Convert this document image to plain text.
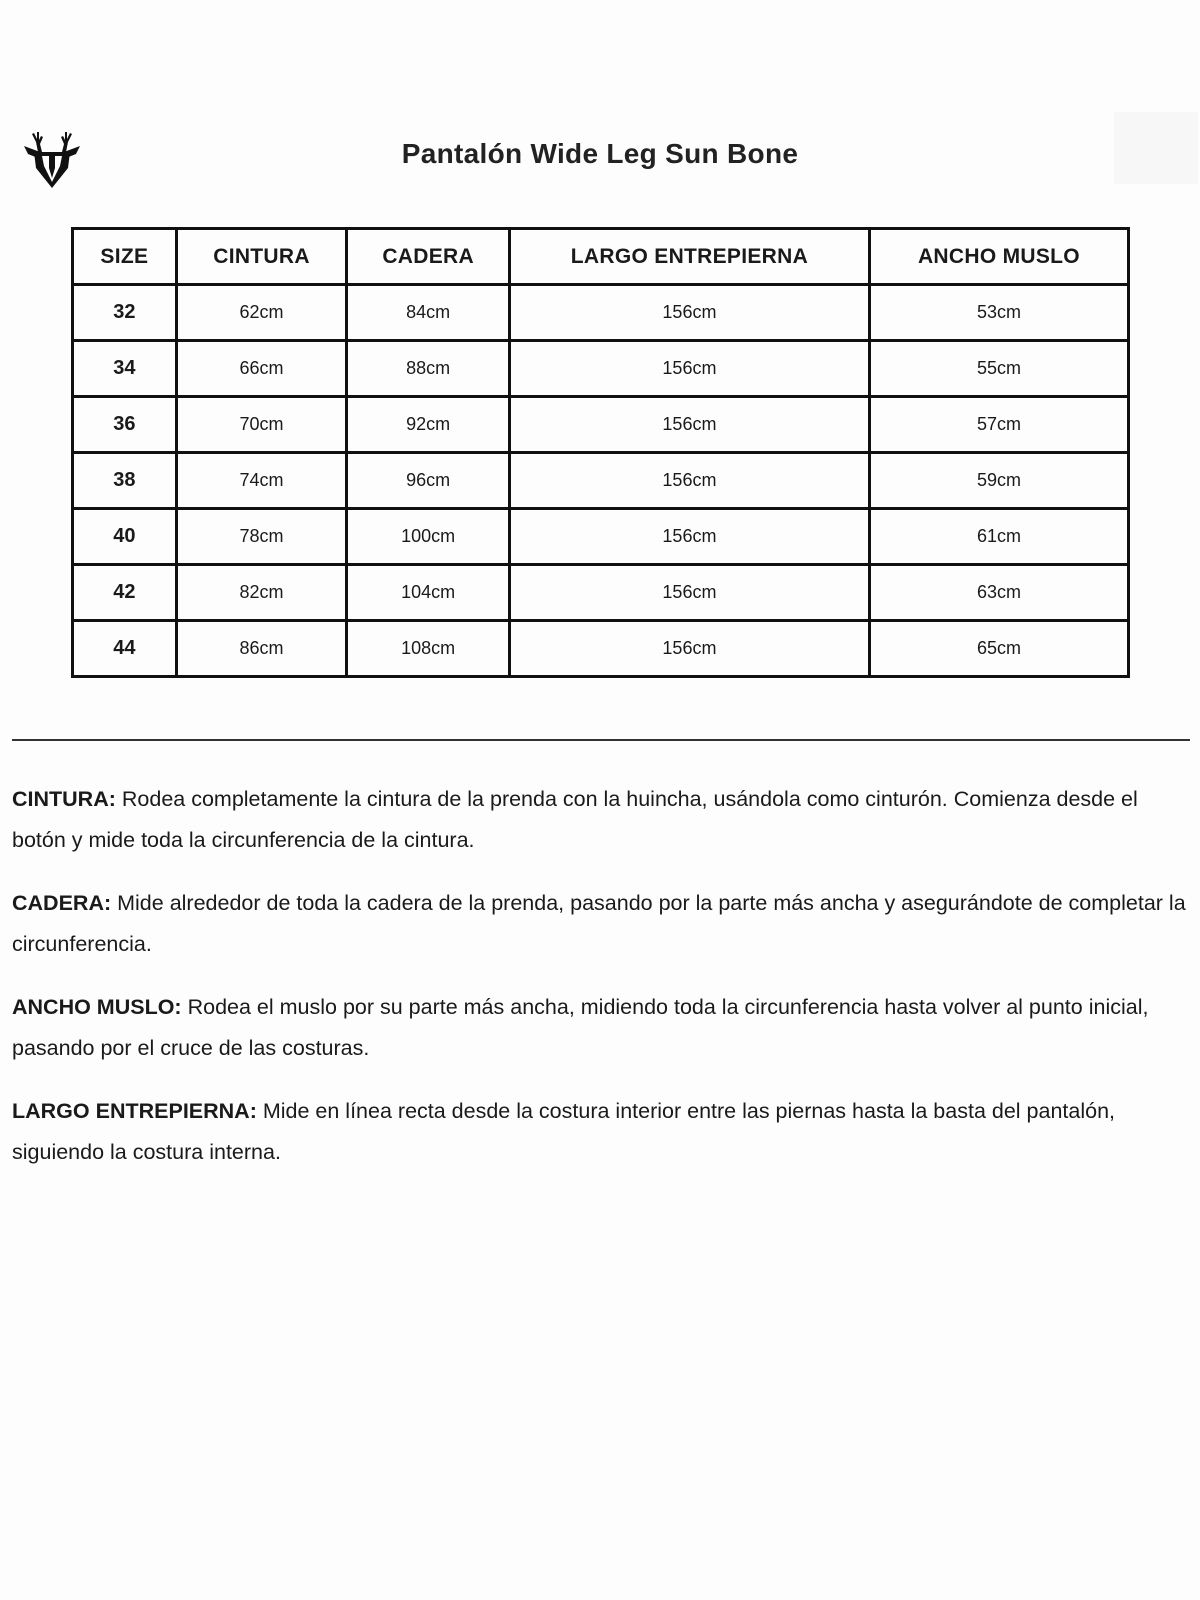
Pantalón Wide Leg Sun Bone
SIZE	CINTURA	CADERA	LARGO ENTREPIERNA	ANCHO MUSLO
32	62cm	84cm	156cm	53cm
34	66cm	88cm	156cm	55cm
36	70cm	92cm	156cm	57cm
38	74cm	96cm	156cm	59cm
40	78cm	100cm	156cm	61cm
42	82cm	104cm	156cm	63cm
44	86cm	108cm	156cm	65cm

CINTURA: Rodea completamente la cintura de la prenda con la huincha, usándola como cinturón. Comienza desde el botón y mide toda la circunferencia de la cintura.

CADERA: Mide alrededor de toda la cadera de la prenda, pasando por la parte más ancha y asegurándote de completar la circunferencia.

ANCHO MUSLO: Rodea el muslo por su parte más ancha, midiendo toda la circunferencia hasta volver al punto inicial, pasando por el cruce de las costuras.

LARGO ENTREPIERNA: Mide en línea recta desde la costura interior entre las piernas hasta la basta del pantalón, siguiendo la costura interna.
